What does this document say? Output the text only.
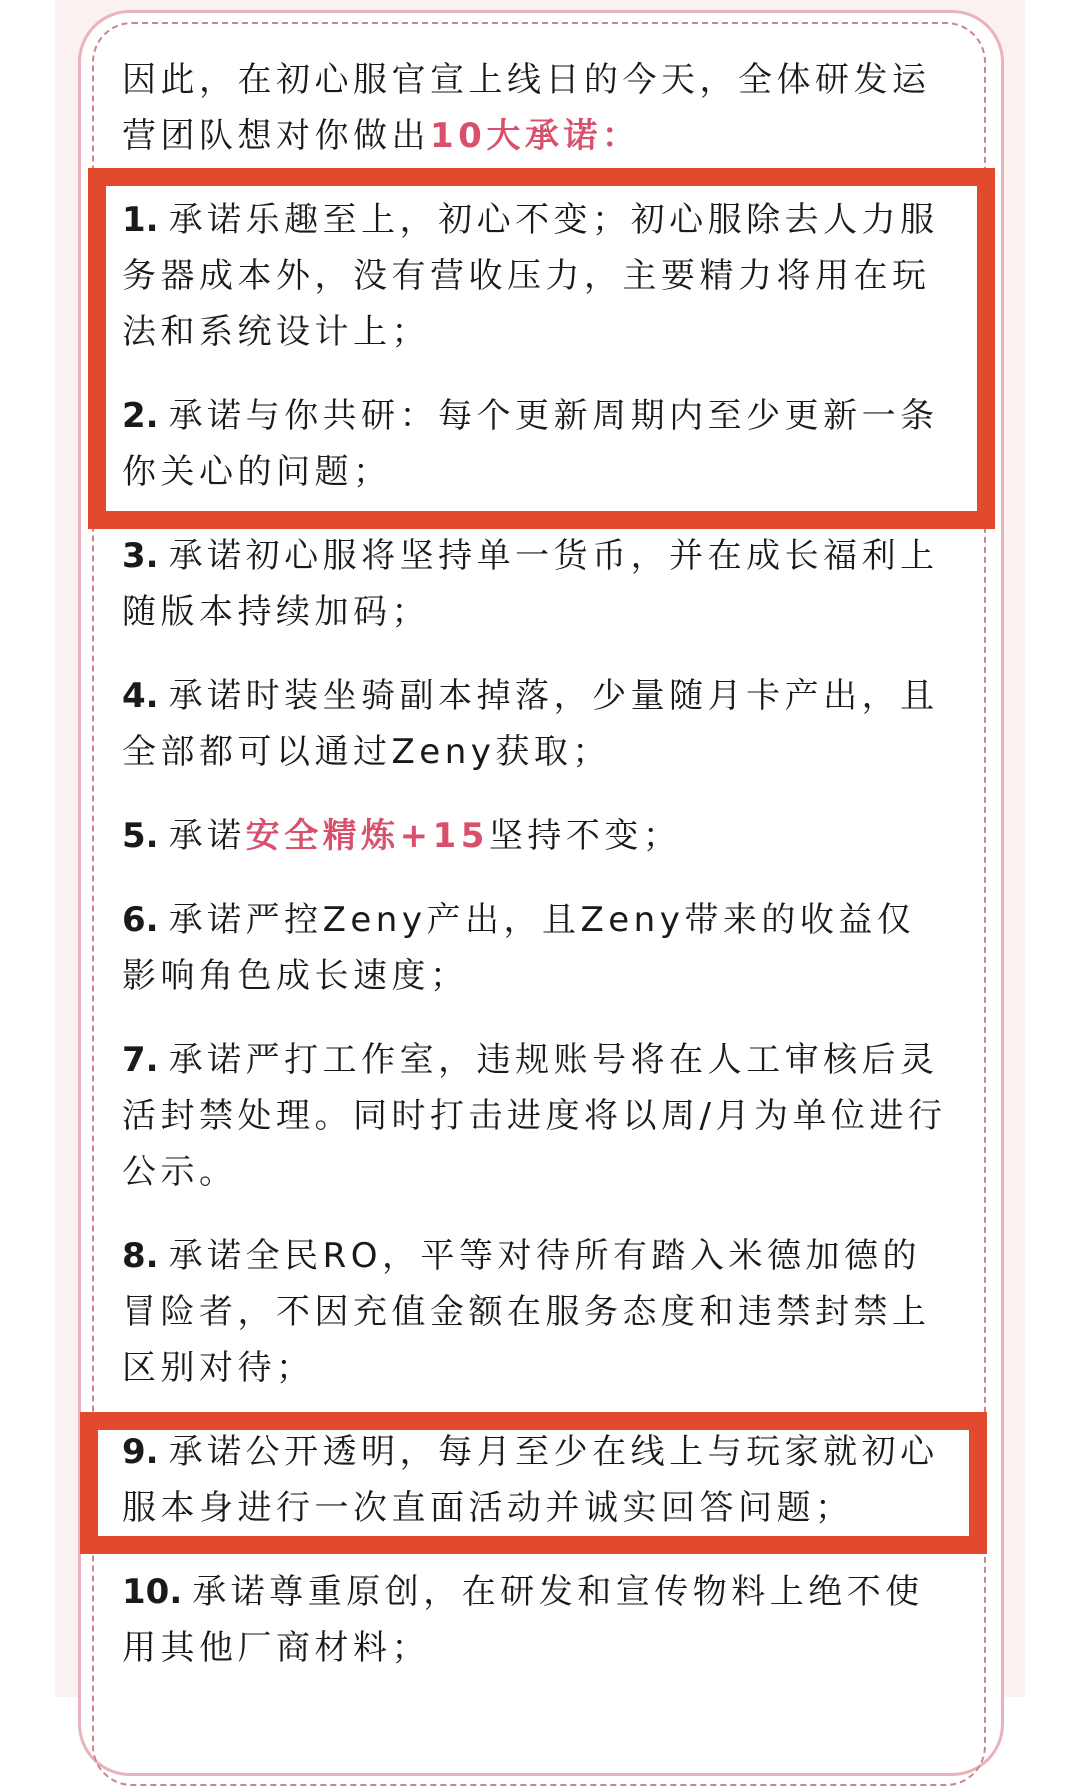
因此，在初心服官宣上线日的今天，全体研发运营团队想对你做出10大承诺：

1. 承诺乐趣至上，初心不变；初心服除去人力服务器成本外，没有营收压力，主要精力将用在玩法和系统设计上；

2. 承诺与你共研：每个更新周期内至少更新一条你关心的问题；

3. 承诺初心服将坚持单一货币，并在成长福利上随版本持续加码；

4. 承诺时装坐骑副本掉落，少量随月卡产出，且全部都可以通过Zeny获取；

5. 承诺安全精炼+15坚持不变；

6. 承诺严控Zeny产出，且Zeny带来的收益仅影响角色成长速度；

7. 承诺严打工作室，违规账号将在人工审核后灵活封禁处理。同时打击进度将以周/月为单位进行公示。

8. 承诺全民RO，平等对待所有踏入米德加德的冒险者，不因充值金额在服务态度和违禁封禁上区别对待；

9. 承诺公开透明，每月至少在线上与玩家就初心服本身进行一次直面活动并诚实回答问题；

10. 承诺尊重原创，在研发和宣传物料上绝不使用其他厂商材料；
